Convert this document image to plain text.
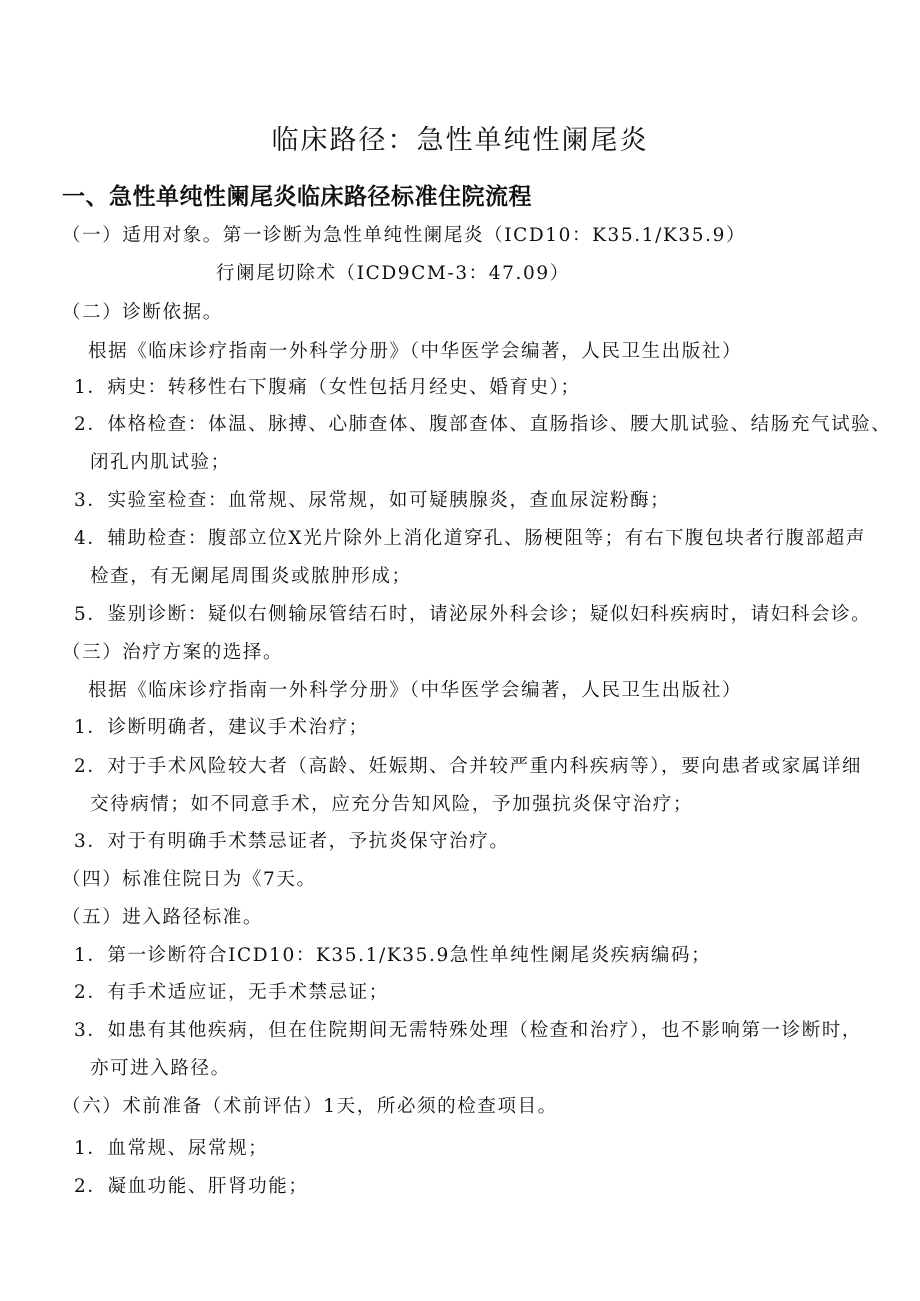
临床路径：急性单纯性阑尾炎
一、急性单纯性阑尾炎临床路径标准住院流程
（一）适用对象。第一诊断为急性单纯性阑尾炎（ICD10：K35.1/K35.9）
行阑尾切除术（ICD9CM-3：47.09）
（二）诊断依据。
根据《临床诊疗指南一外科学分册》（中华医学会编著，人民卫生出版社）
1．病史：转移性右下腹痛（女性包括月经史、婚育史）；
2．体格检查：体温、脉搏、心肺查体、腹部查体、直肠指诊、腰大肌试验、结肠充气试验、
闭孔内肌试验；
3．实验室检查：血常规、尿常规，如可疑胰腺炎，查血尿淀粉酶；
4．辅助检查：腹部立位X光片除外上消化道穿孔、肠梗阻等；有右下腹包块者行腹部超声
检查，有无阑尾周围炎或脓肿形成；
5．鉴别诊断：疑似右侧输尿管结石时，请泌尿外科会诊；疑似妇科疾病时，请妇科会诊。
（三）治疗方案的选择。
根据《临床诊疗指南一外科学分册》（中华医学会编著，人民卫生出版社）
1．诊断明确者，建议手术治疗；
2．对于手术风险较大者（高龄、妊娠期、合并较严重内科疾病等），要向患者或家属详细
交待病情；如不同意手术，应充分告知风险，予加强抗炎保守治疗；
3．对于有明确手术禁忌证者，予抗炎保守治疗。
（四）标准住院日为《7天。
（五）进入路径标准。
1．第一诊断符合ICD10：K35.1/K35.9急性单纯性阑尾炎疾病编码；
2．有手术适应证，无手术禁忌证；
3．如患有其他疾病，但在住院期间无需特殊处理（检查和治疗），也不影响第一诊断时，
亦可进入路径。
（六）术前准备（术前评估）1天，所必须的检查项目。
1．血常规、尿常规；
2．凝血功能、肝肾功能；
